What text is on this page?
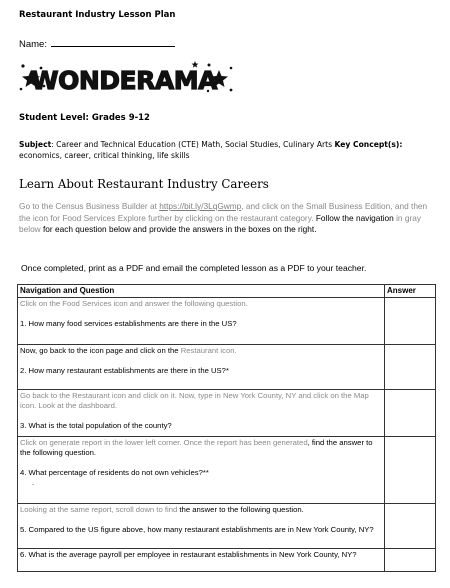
Restaurant Industry Lesson Plan
Name:
WONDERAMA
Student Level: Grades 9-12
Subject: Career and Technical Education (CTE) Math, Social Studies, Culinary Arts Key Concept(s): economics, career, critical thinking, life skills
Learn About Restaurant Industry Careers
Go to the Census Business Builder at https://bit.ly/3LqGwmp, and click on the Small Business Edition, and then the icon for Food Services Explore further by clicking on the restaurant category. Follow the navigation in gray below for each question below and provide the answers in the boxes on the right.
Once completed, print as a PDF and email the completed lesson as a PDF to your teacher.
Navigation and Question	Answer

Click on the Food Services icon and answer the following question.
1. How many food services establishments are there in the US?	

Now, go back to the icon page and click on the Restaurant icon.
2. How many restaurant establishments are there in the US?*	

Go back to the Restaurant icon and click on it. Now, type in New York County, NY and click on the Map icon. Look at the dashboard.
3. What is the total population of the county?	

Click on generate report in the lower left corner. Once the report has been generated, find the answer to the following question.
4. What percentage of residents do not own vehicles?**
.	

Looking at the same report, scroll down to find the answer to the following question.
5. Compared to the US figure above, how many restaurant establishments are in New York County, NY?	

6. What is the average payroll per employee in restaurant establishments in New York County, NY?	
